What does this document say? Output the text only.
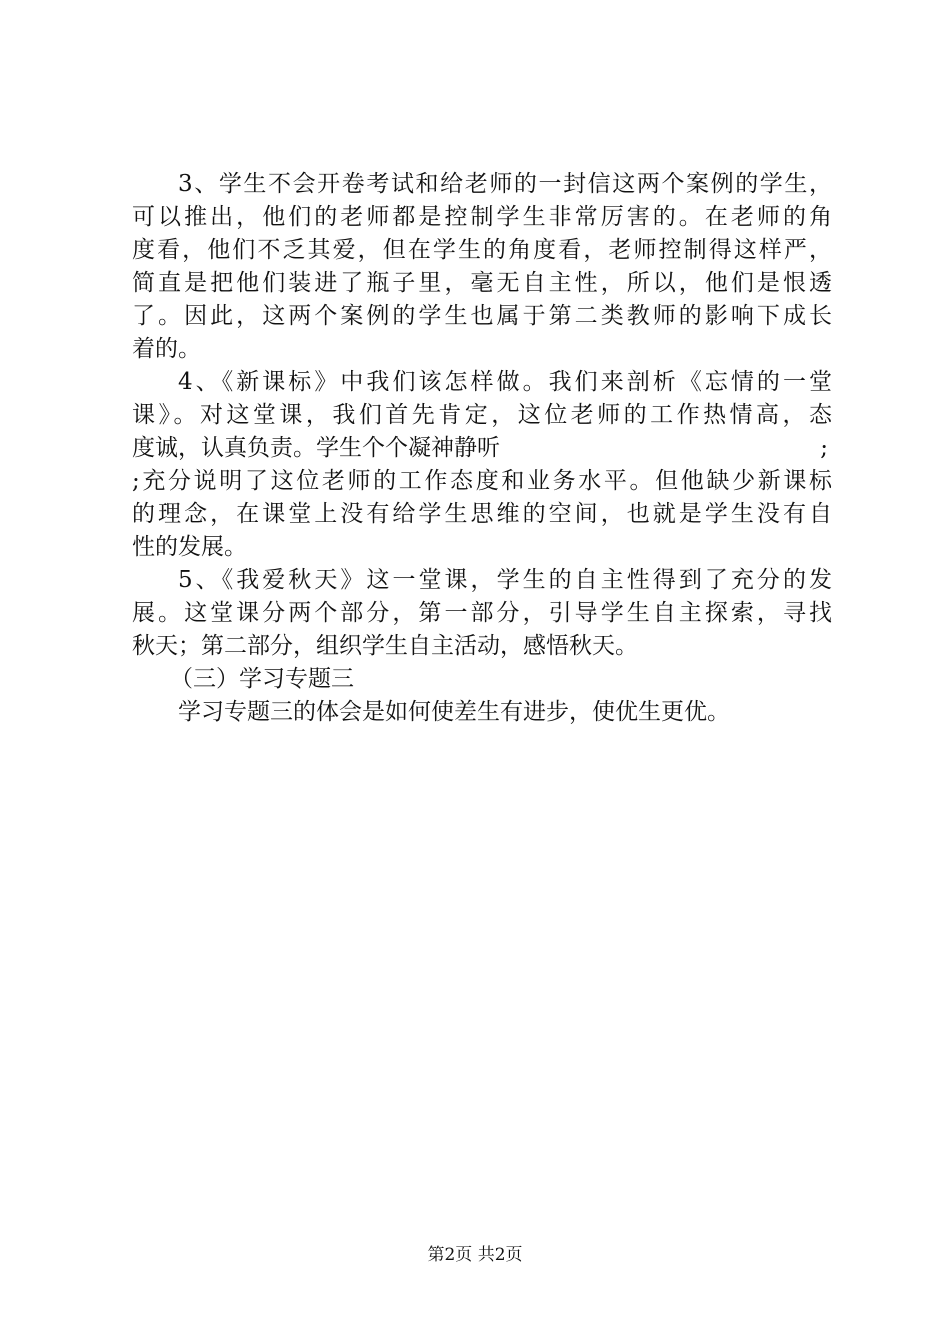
3、学生不会开卷考试和给老师的一封信这两个案例的学生，
可以推出，他们的老师都是控制学生非常厉害的。在老师的角
度看，他们不乏其爱，但在学生的角度看，老师控制得这样严，
简直是把他们装进了瓶子里，毫无自主性，所以，他们是恨透
了。因此，这两个案例的学生也属于第二类教师的影响下成长
着的。
4、《新课标》中我们该怎样做。我们来剖析《忘情的一堂
课》。对这堂课，我们首先肯定，这位老师的工作热情高，态
度诚，认真负责。学生个个凝神静听	;
;充分说明了这位老师的工作态度和业务水平。但他缺少新课标
的理念，在课堂上没有给学生思维的空间，也就是学生没有自
性的发展。
5、《我爱秋天》这一堂课，学生的自主性得到了充分的发
展。这堂课分两个部分，第一部分，引导学生自主探索，寻找
秋天；第二部分，组织学生自主活动，感悟秋天。
（三）学习专题三
学习专题三的体会是如何使差生有进步，使优生更优。
第2页 共2页
